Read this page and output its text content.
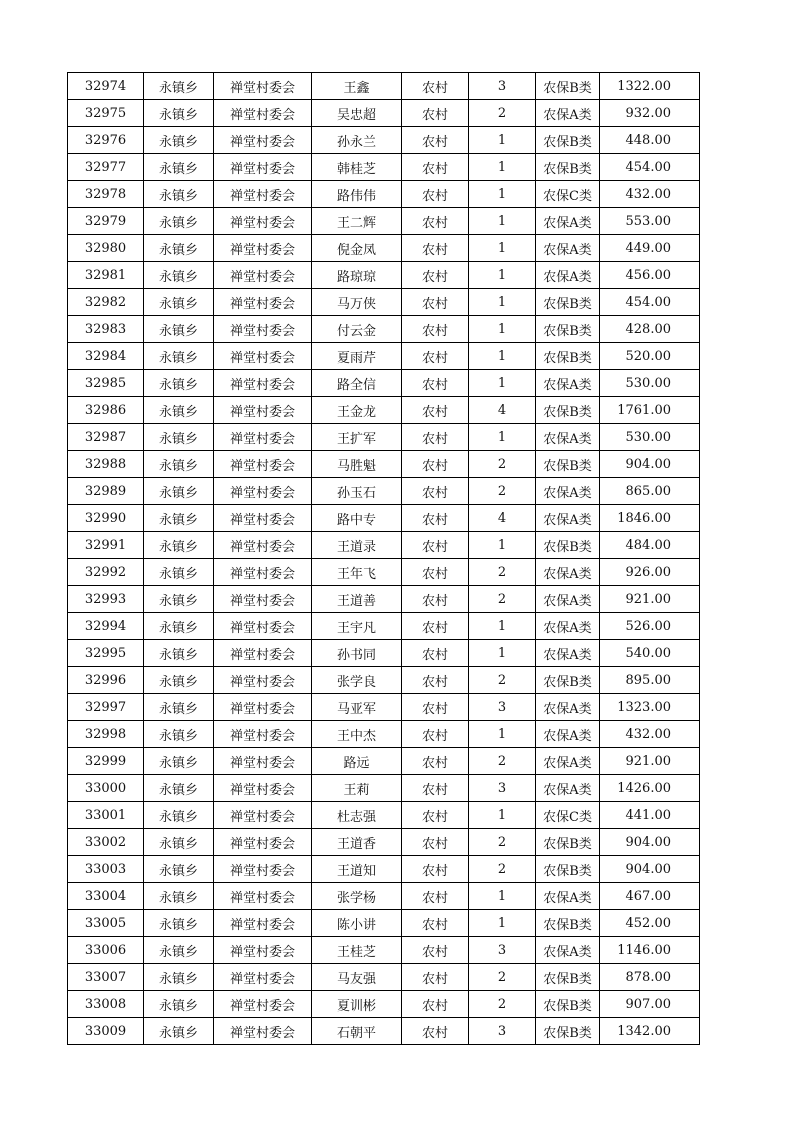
32974	永镇乡	禅堂村委会	王鑫	农村	3	农保B类	1322.00
32975	永镇乡	禅堂村委会	吴忠超	农村	2	农保A类	932.00
32976	永镇乡	禅堂村委会	孙永兰	农村	1	农保B类	448.00
32977	永镇乡	禅堂村委会	韩桂芝	农村	1	农保B类	454.00
32978	永镇乡	禅堂村委会	路伟伟	农村	1	农保C类	432.00
32979	永镇乡	禅堂村委会	王二辉	农村	1	农保A类	553.00
32980	永镇乡	禅堂村委会	倪金凤	农村	1	农保A类	449.00
32981	永镇乡	禅堂村委会	路琼琼	农村	1	农保A类	456.00
32982	永镇乡	禅堂村委会	马万侠	农村	1	农保B类	454.00
32983	永镇乡	禅堂村委会	付云金	农村	1	农保B类	428.00
32984	永镇乡	禅堂村委会	夏雨芹	农村	1	农保B类	520.00
32985	永镇乡	禅堂村委会	路全信	农村	1	农保A类	530.00
32986	永镇乡	禅堂村委会	王金龙	农村	4	农保B类	1761.00
32987	永镇乡	禅堂村委会	王扩军	农村	1	农保A类	530.00
32988	永镇乡	禅堂村委会	马胜魁	农村	2	农保B类	904.00
32989	永镇乡	禅堂村委会	孙玉石	农村	2	农保A类	865.00
32990	永镇乡	禅堂村委会	路中专	农村	4	农保A类	1846.00
32991	永镇乡	禅堂村委会	王道录	农村	1	农保B类	484.00
32992	永镇乡	禅堂村委会	王年飞	农村	2	农保A类	926.00
32993	永镇乡	禅堂村委会	王道善	农村	2	农保A类	921.00
32994	永镇乡	禅堂村委会	王宇凡	农村	1	农保A类	526.00
32995	永镇乡	禅堂村委会	孙书同	农村	1	农保A类	540.00
32996	永镇乡	禅堂村委会	张学良	农村	2	农保B类	895.00
32997	永镇乡	禅堂村委会	马亚军	农村	3	农保A类	1323.00
32998	永镇乡	禅堂村委会	王中杰	农村	1	农保A类	432.00
32999	永镇乡	禅堂村委会	路远	农村	2	农保A类	921.00
33000	永镇乡	禅堂村委会	王莉	农村	3	农保A类	1426.00
33001	永镇乡	禅堂村委会	杜志强	农村	1	农保C类	441.00
33002	永镇乡	禅堂村委会	王道香	农村	2	农保B类	904.00
33003	永镇乡	禅堂村委会	王道知	农村	2	农保B类	904.00
33004	永镇乡	禅堂村委会	张学杨	农村	1	农保A类	467.00
33005	永镇乡	禅堂村委会	陈小讲	农村	1	农保B类	452.00
33006	永镇乡	禅堂村委会	王桂芝	农村	3	农保A类	1146.00
33007	永镇乡	禅堂村委会	马友强	农村	2	农保B类	878.00
33008	永镇乡	禅堂村委会	夏训彬	农村	2	农保B类	907.00
33009	永镇乡	禅堂村委会	石朝平	农村	3	农保B类	1342.00
